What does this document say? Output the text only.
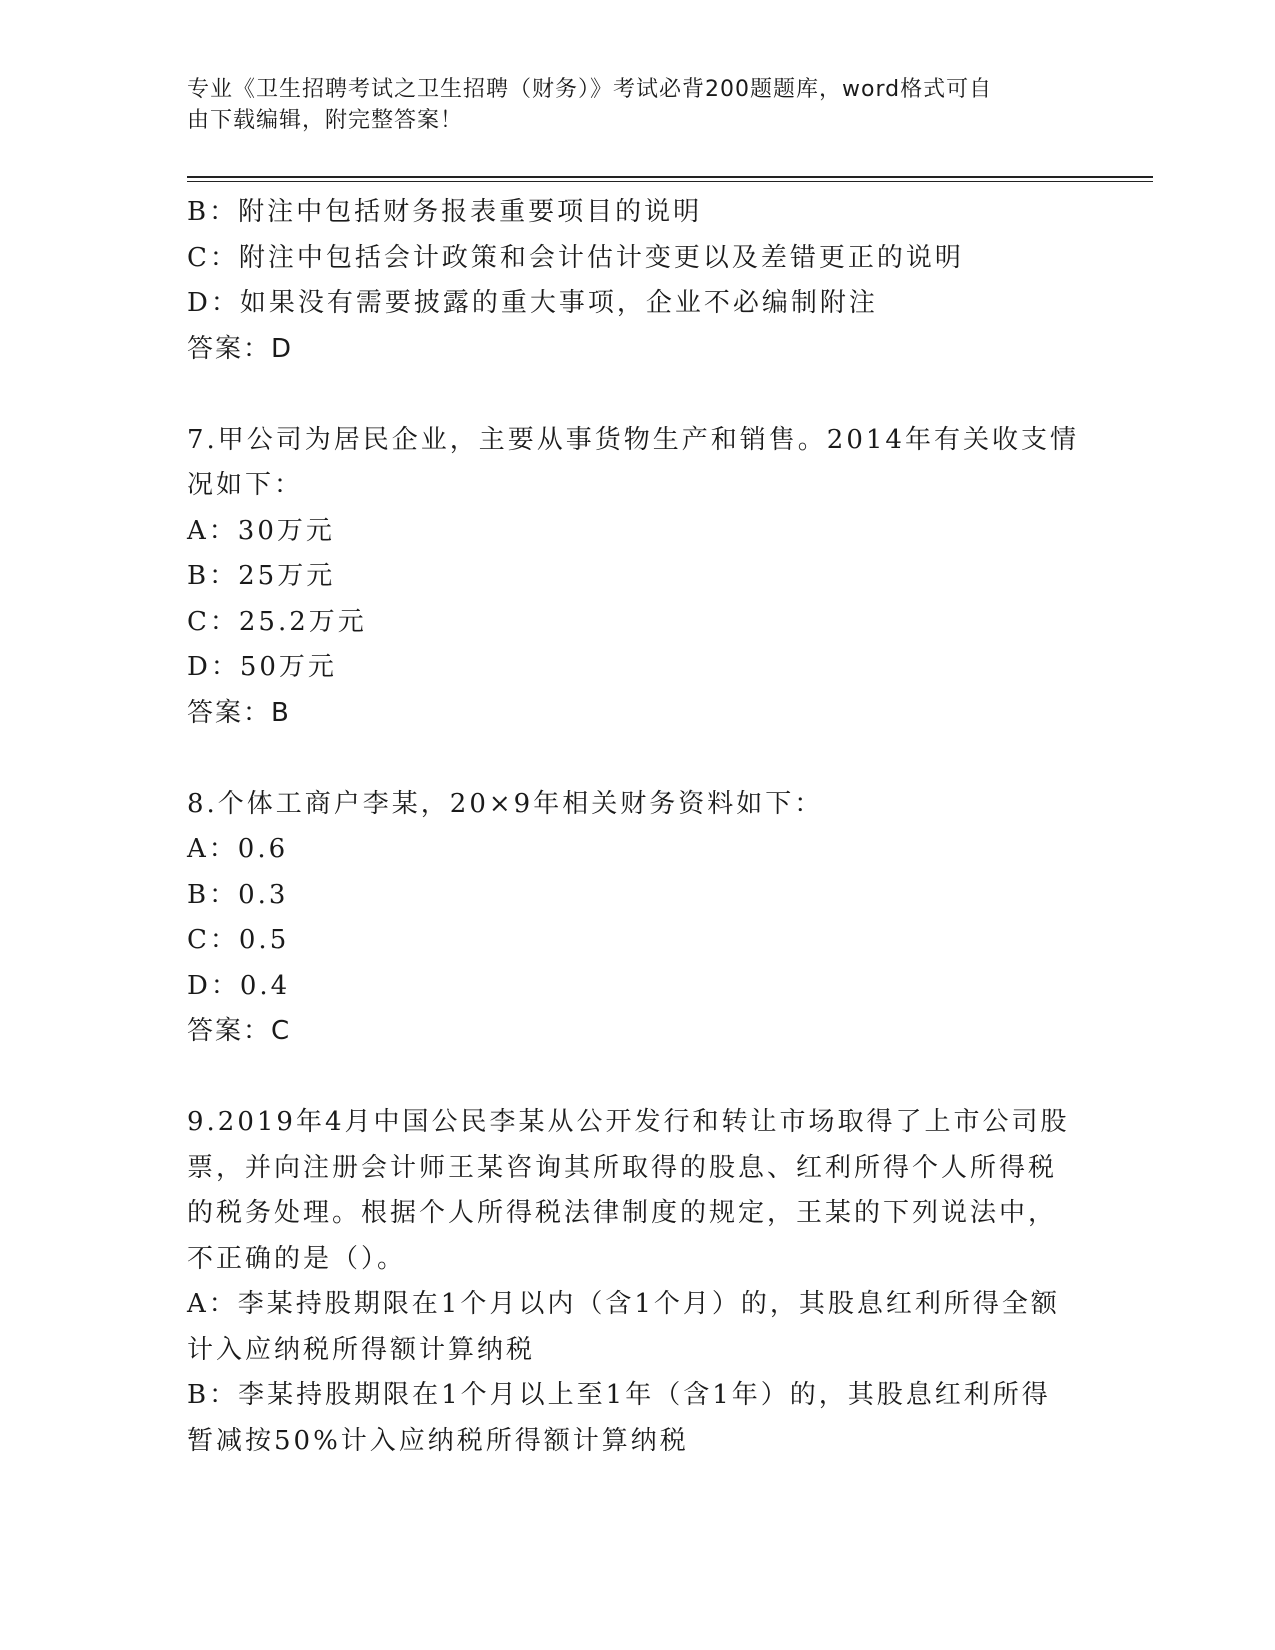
专业《卫生招聘考试之卫生招聘（财务）》考试必背200题题库，word格式可自
由下载编辑，附完整答案！
B：附注中包括财务报表重要项目的说明
C：附注中包括会计政策和会计估计变更以及差错更正的说明
D：如果没有需要披露的重大事项，企业不必编制附注
答案：D
7.甲公司为居民企业，主要从事货物生产和销售。2014年有关收支情
况如下：
A：30万元
B：25万元
C：25.2万元
D：50万元
答案：B
8.个体工商户李某，20×9年相关财务资料如下：
A：0.6
B：0.3
C：0.5
D：0.4
答案：C
9.2019年4月中国公民李某从公开发行和转让市场取得了上市公司股
票，并向注册会计师王某咨询其所取得的股息、红利所得个人所得税
的税务处理。根据个人所得税法律制度的规定，王某的下列说法中，
不正确的是（）。
A：李某持股期限在1个月以内（含1个月）的，其股息红利所得全额
计入应纳税所得额计算纳税
B：李某持股期限在1个月以上至1年（含1年）的，其股息红利所得
暂减按50%计入应纳税所得额计算纳税
